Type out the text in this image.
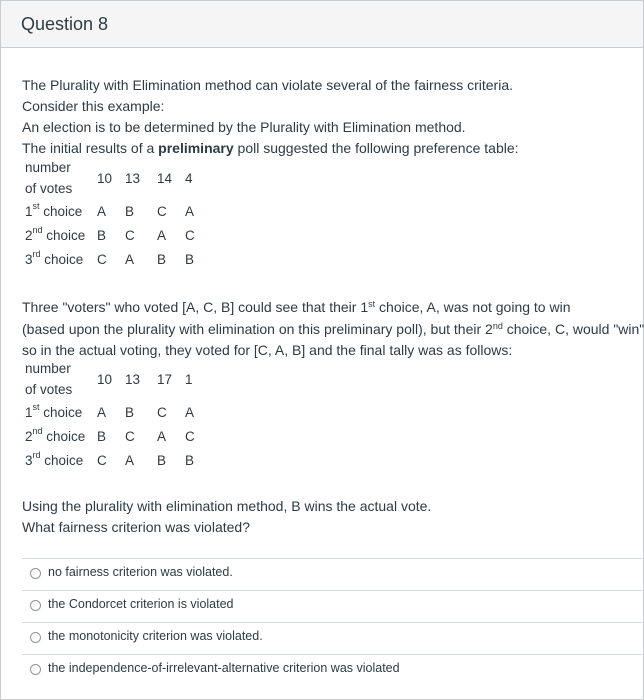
Question 8
The Plurality with Elimination method can violate several of the fairness criteria.
Consider this example:
An election is to be determined by the Plurality with Elimination method.
The initial results of a preliminary poll suggested the following preference table:
number
of votes
10 13 14 4
1st choice A B C A
2nd choice B C A C
3rd choice C A B B
Three "voters" who voted [A, C, B] could see that their 1st choice, A, was not going to win
(based upon the plurality with elimination on this preliminary poll), but their 2nd choice, C, would "win"
so in the actual voting, they voted for [C, A, B] and the final tally was as follows:
number
of votes
10 13 17 1
1st choice A B C A
2nd choice B C A C
3rd choice C A B B
Using the plurality with elimination method, B wins the actual vote.
What fairness criterion was violated?
no fairness criterion was violated.
the Condorcet criterion is violated
the monotonicity criterion was violated.
the independence-of-irrelevant-alternative criterion was violated
